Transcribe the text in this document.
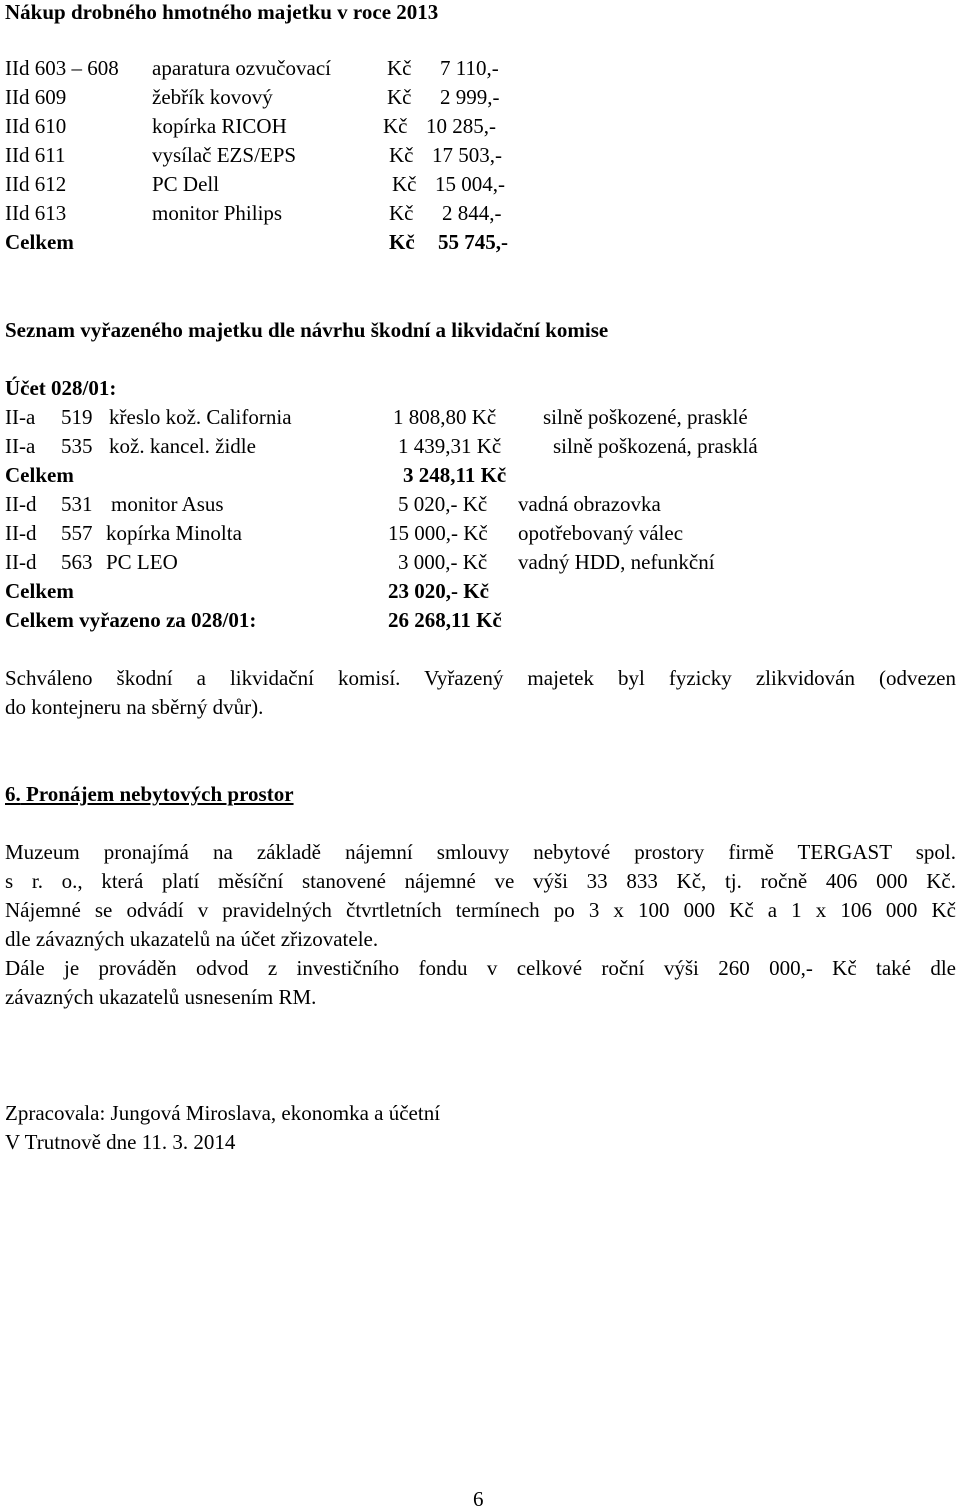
Nákup drobného hmotného majetku v roce 2013
IId 603 – 608 aparatura ozvučovací	Kč 7 110,-
IId 609	žebřík kovový	Kč 2 999,-
IId 610	kopírka RICOH	Kč 10 285,-
IId 611	vysílač EZS/EPS	Kč 17 503,-
IId 612	PC Dell	Kč 15 004,-
IId 613	monitor Philips	Kč 2 844,-
Celkem	Kč 55 745,-
Seznam vyřazeného majetku dle návrhu škodní a likvidační komise
Účet 028/01:
II-a 519 křeslo kož. California	1 808,80 Kč silně poškozené, prasklé
II-a 535 kož. kancel. židle	1 439,31 Kč silně poškozená, prasklá
Celkem	3 248,11 Kč
II-d 531 monitor Asus	5 020,- Kč vadná obrazovka
II-d 557 kopírka Minolta	15 000,- Kč opotřebovaný válec
II-d 563 PC LEO	3 000,- Kč vadný HDD, nefunkční
Celkem	23 020,- Kč
Celkem vyřazeno za 028/01:	26 268,11 Kč
Schváleno škodní a likvidační komisí. Vyřazený majetek byl fyzicky zlikvidován (odvezen
do kontejneru na sběrný dvůr).
6. Pronájem nebytových prostor
Muzeum pronajímá na základě nájemní smlouvy nebytové prostory firmě TERGAST spol.
s r. o., která platí měsíční stanovené nájemné ve výši 33 833 Kč, tj. ročně 406 000 Kč.
Nájemné se odvádí v pravidelných čtvrtletních termínech po 3 x 100 000 Kč a 1 x 106 000 Kč
dle závazných ukazatelů na účet zřizovatele.
Dále je prováděn odvod z investičního fondu v celkové roční výši 260 000,- Kč také dle
závazných ukazatelů usnesením RM.
Zpracovala: Jungová Miroslava, ekonomka a účetní
V Trutnově dne 11. 3. 2014
6
